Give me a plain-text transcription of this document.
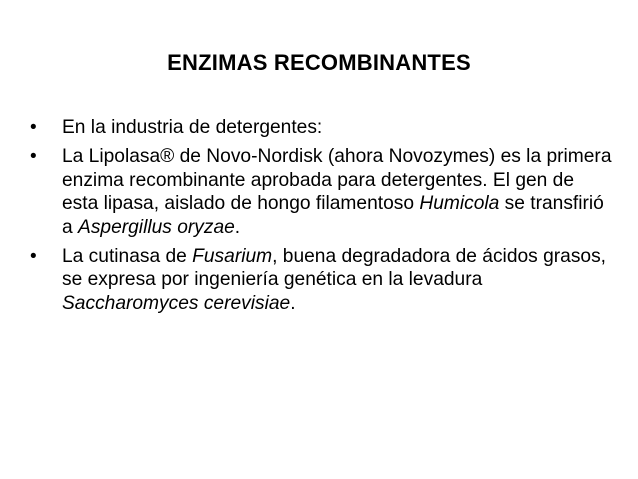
ENZIMAS RECOMBINANTES
•	En la industria de detergentes:
•	La Lipolasa® de Novo-Nordisk (ahora Novozymes) es la primera enzima recombinante aprobada para detergentes. El gen de esta lipasa, aislado de hongo filamentoso Humicola se transfirió a Aspergillus oryzae.
•	La cutinasa de Fusarium, buena degradadora de ácidos grasos, se expresa por ingeniería genética en la levadura Saccharomyces cerevisiae.
